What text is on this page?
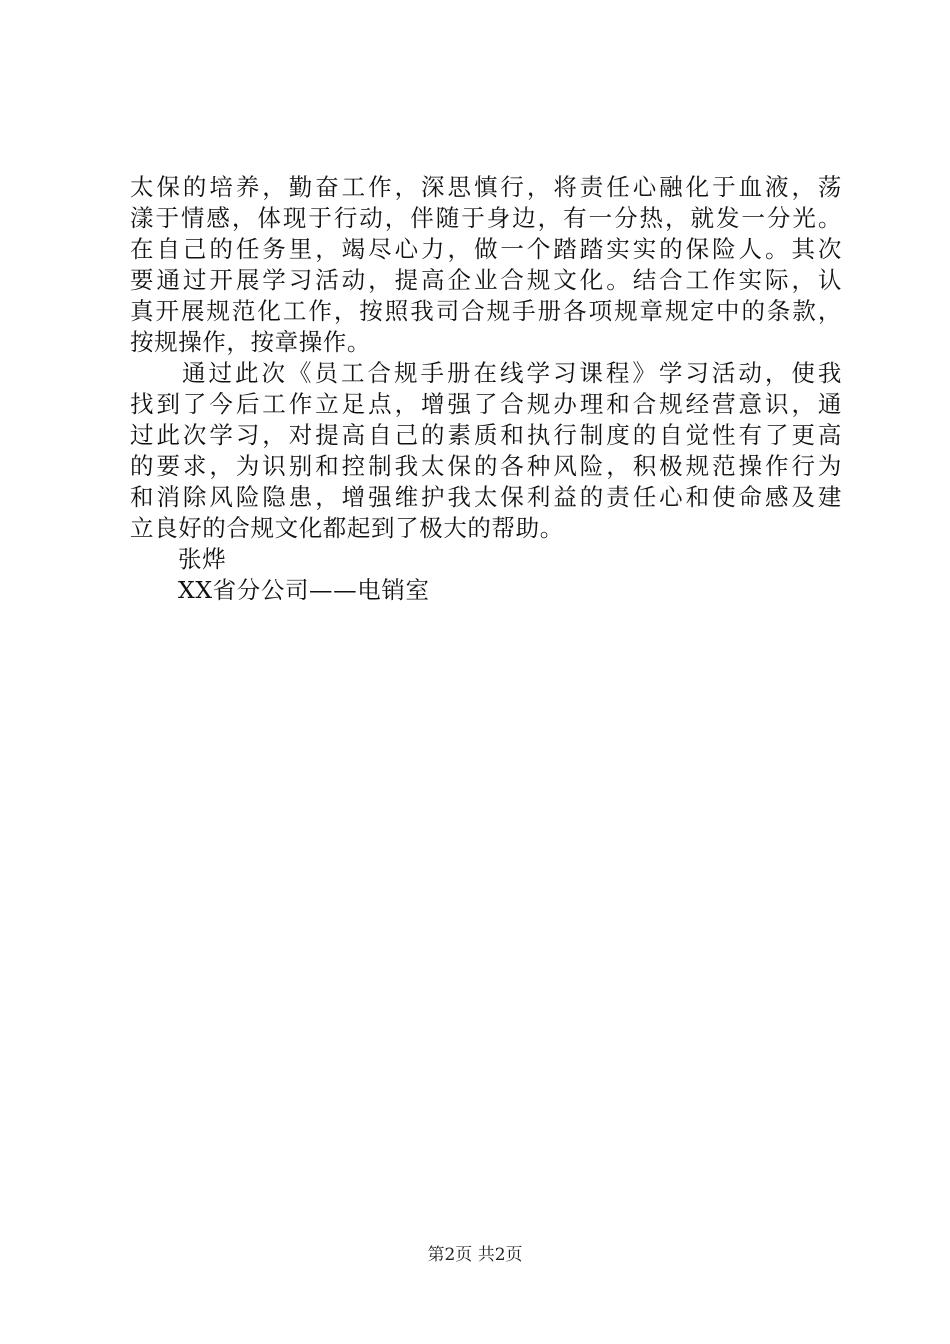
太保的培养，勤奋工作，深思慎行，将责任心融化于血液，荡
漾于情感，体现于行动，伴随于身边，有一分热，就发一分光。
在自己的任务里，竭尽心力，做一个踏踏实实的保险人。其次
要通过开展学习活动，提高企业合规文化。结合工作实际，认
真开展规范化工作，按照我司合规手册各项规章规定中的条款，
按规操作，按章操作。
通过此次《员工合规手册在线学习课程》学习活动，使我
找到了今后工作立足点，增强了合规办理和合规经营意识，通
过此次学习，对提高自己的素质和执行制度的自觉性有了更高
的要求，为识别和控制我太保的各种风险，积极规范操作行为
和消除风险隐患，增强维护我太保利益的责任心和使命感及建
立良好的合规文化都起到了极大的帮助。
张烨
XX省分公司——电销室
第2页 共2页
